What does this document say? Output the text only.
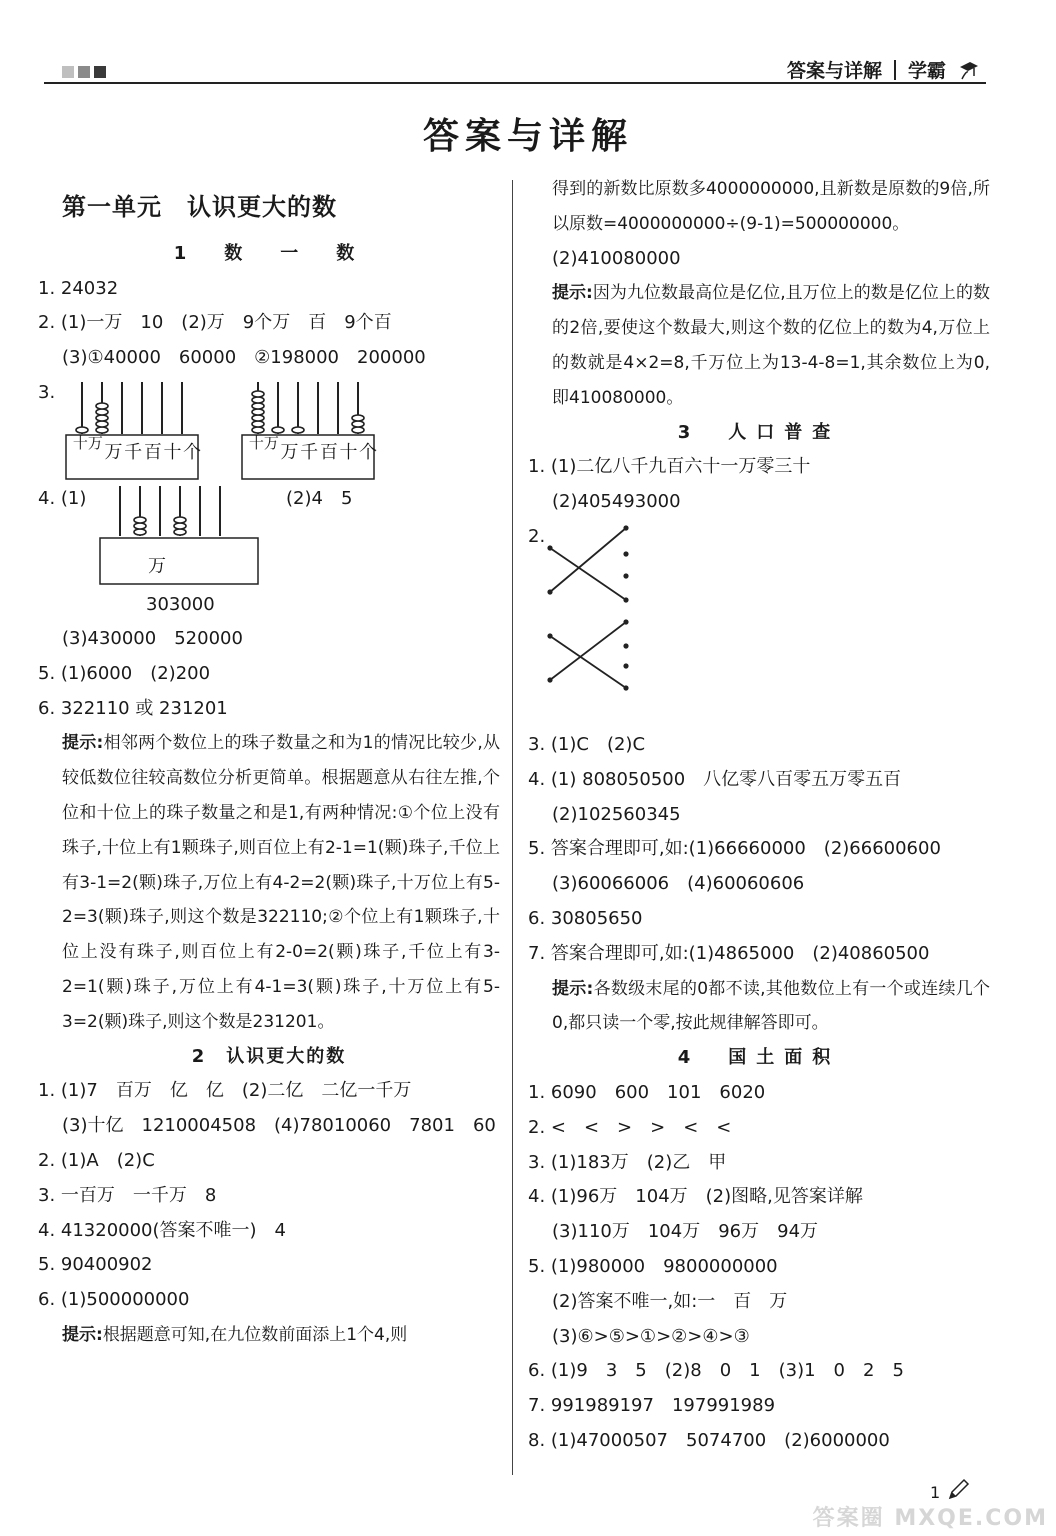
答案与详解 学霸
答案与详解
第一单元　认识更大的数
1　数　一　数
1. 24032
2. (1)一万　10　(2)万　9个万　百　9个百
(3)①40000　60000　②198000　200000
3.
十万 万 千 百 十 个	十万 万 千 百 十 个
4. (1)	(2)4　5
万
303000
(3)430000　520000
5. (1)6000　(2)200
6. 322110 或 231201
提示:相邻两个数位上的珠子数量之和为1的情况比较少,从较低数位往较高数位分析更简单。根据题意从右往左推,个位和十位上的珠子数量之和是1,有两种情况:①个位上没有珠子,十位上有1颗珠子,则百位上有2-1=1(颗)珠子,千位上有3-1=2(颗)珠子,万位上有4-2=2(颗)珠子,十万位上有5-2=3(颗)珠子,则这个数是322110;②个位上有1颗珠子,十位上没有珠子,则百位上有2-0=2(颗)珠子,千位上有3-2=1(颗)珠子,万位上有4-1=3(颗)珠子,十万位上有5-3=2(颗)珠子,则这个数是231201。
2　认识更大的数
1. (1)7　百万　亿　亿　(2)二亿　二亿一千万
(3)十亿　1210004508　(4)78010060　7801　60
2. (1)A　(2)C
3. 一百万　一千万　8
4. 41320000(答案不唯一)　4
5. 90400902
6. (1)500000000
提示:根据题意可知,在九位数前面添上1个4,则
得到的新数比原数多4000000000,且新数是原数的9倍,所以原数=4000000000÷(9-1)=500000000。
(2)410080000
提示:因为九位数最高位是亿位,且万位上的数是亿位上的数的2倍,要使这个数最大,则这个数的亿位上的数为4,万位上的数就是4×2=8,千万位上为13-4-8=1,其余数位上为0,即410080000。
3　人口普查
1. (1)二亿八千九百六十一万零三十
(2)405493000
2.
3. (1)C　(2)C
4. (1) 808050500　八亿零八百零五万零五百
(2)102560345
5. 答案合理即可,如:(1)66660000　(2)66600600
(3)60066006　(4)60060606
6. 30805650
7. 答案合理即可,如:(1)4865000　(2)40860500
提示:各数级末尾的0都不读,其他数位上有一个或连续几个0,都只读一个零,按此规律解答即可。
4　国土面积
1. 6090　600　101　6020
2. <　<　>　>　<　<
3. (1)183万　(2)乙　甲
4. (1)96万　104万　(2)图略,见答案详解
(3)110万　104万　96万　94万
5. (1)980000　9800000000
(2)答案不唯一,如:一　百　万
(3)⑥>⑤>①>②>④>③
6. (1)9　3　5　(2)8　0　1　(3)1　0　2　5
7. 991989197　197991989
8. (1)47000507　5074700　(2)6000000
1
答案圈 MXQE.COM
